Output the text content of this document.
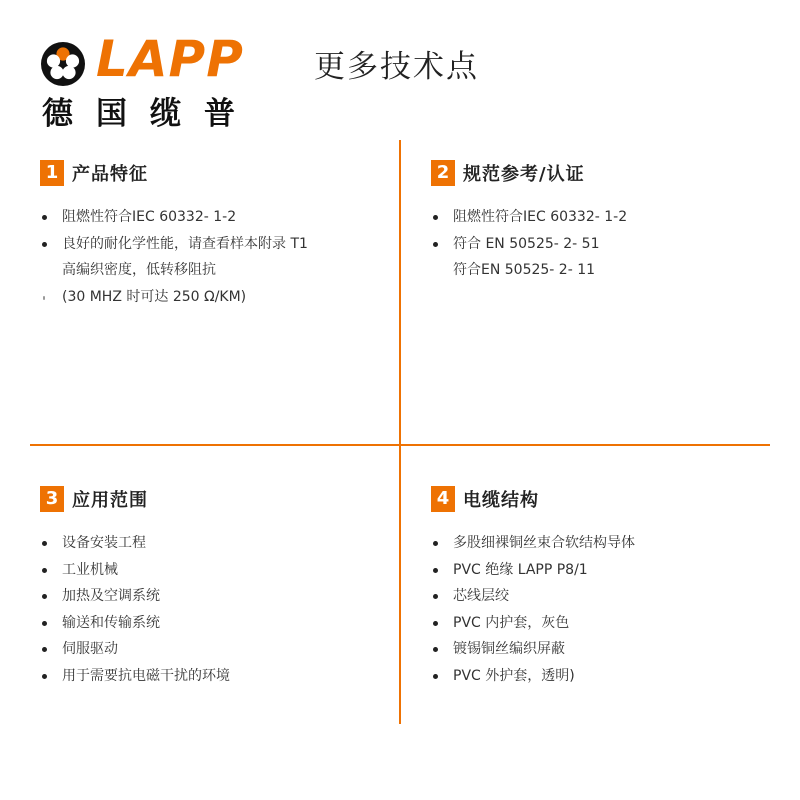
LAPP
德国缆普
更多技术点
1 产品特征
阻燃性符合IEC 60332- 1-2
良好的耐化学性能，请查看样本附录 T1
高编织密度，低转移阻抗
(30 MHZ 时可达 250 Ω/KM)
2 规范参考/认证
阻燃性符合IEC 60332- 1-2
符合 EN 50525- 2- 51
符合EN 50525- 2- 11
3 应用范围
设备安装工程
工业机械
加热及空调系统
输送和传输系统
伺服驱动
用于需要抗电磁干扰的环境
4 电缆结构
多股细裸铜丝束合软结构导体
PVC 绝缘 LAPP P8/1
芯线层绞
PVC 内护套，灰色
镀锡铜丝编织屏蔽
PVC 外护套，透明)
